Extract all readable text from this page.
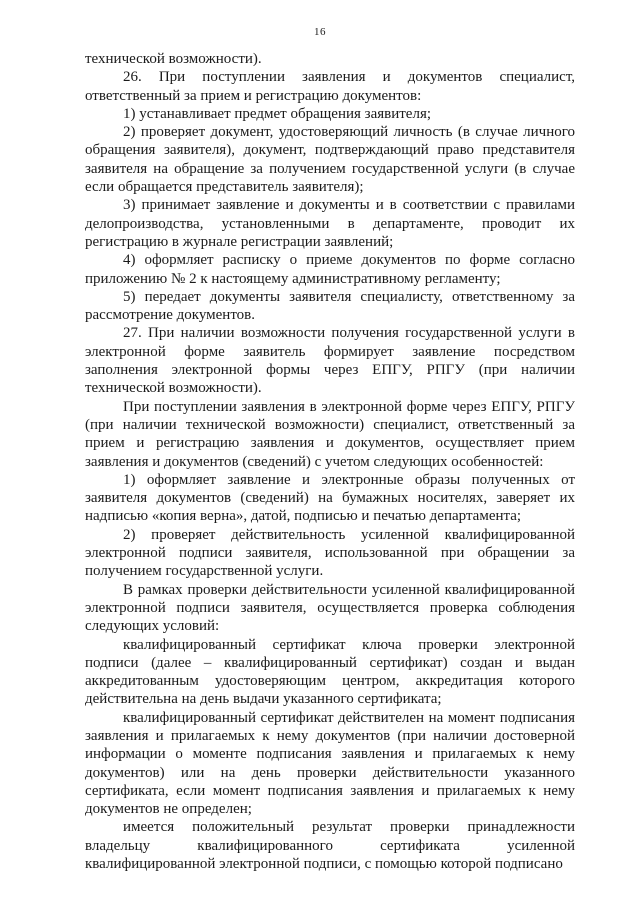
16

технической возможности).

26. При поступлении заявления и документов специалист, ответственный за прием и регистрацию документов:

1) устанавливает предмет обращения заявителя;

2) проверяет документ, удостоверяющий личность (в случае личного обращения заявителя), документ, подтверждающий право представителя заявителя на обращение за получением государственной услуги (в случае если обращается представитель заявителя);

3) принимает заявление и документы и в соответствии с правилами делопроизводства, установленными в департаменте, проводит их регистрацию в журнале регистрации заявлений;

4) оформляет расписку о приеме документов по форме согласно приложению № 2 к настоящему административному регламенту;

5) передает документы заявителя специалисту, ответственному за рассмотрение документов.

27. При наличии возможности получения государственной услуги в электронной форме заявитель формирует заявление посредством заполнения электронной формы через ЕПГУ, РПГУ (при наличии технической возможности).

При поступлении заявления в электронной форме через ЕПГУ, РПГУ (при наличии технической возможности) специалист, ответственный за прием и регистрацию заявления и документов, осуществляет прием заявления и документов (сведений) с учетом следующих особенностей:

1) оформляет заявление и электронные образы полученных от заявителя документов (сведений) на бумажных носителях, заверяет их надписью «копия верна», датой, подписью и печатью департамента;

2) проверяет действительность усиленной квалифицированной электронной подписи заявителя, использованной при обращении за получением государственной услуги.

В рамках проверки действительности усиленной квалифицированной электронной подписи заявителя, осуществляется проверка соблюдения следующих условий:

квалифицированный сертификат ключа проверки электронной подписи (далее – квалифицированный сертификат) создан и выдан аккредитованным удостоверяющим центром, аккредитация которого действительна на день выдачи указанного сертификата;

квалифицированный сертификат действителен на момент подписания заявления и прилагаемых к нему документов (при наличии достоверной информации о моменте подписания заявления и прилагаемых к нему документов) или на день проверки действительности указанного сертификата, если момент подписания заявления и прилагаемых к нему документов не определен;

имеется положительный результат проверки принадлежности владельцу квалифицированного сертификата усиленной квалифицированной электронной подписи, с помощью которой подписано
